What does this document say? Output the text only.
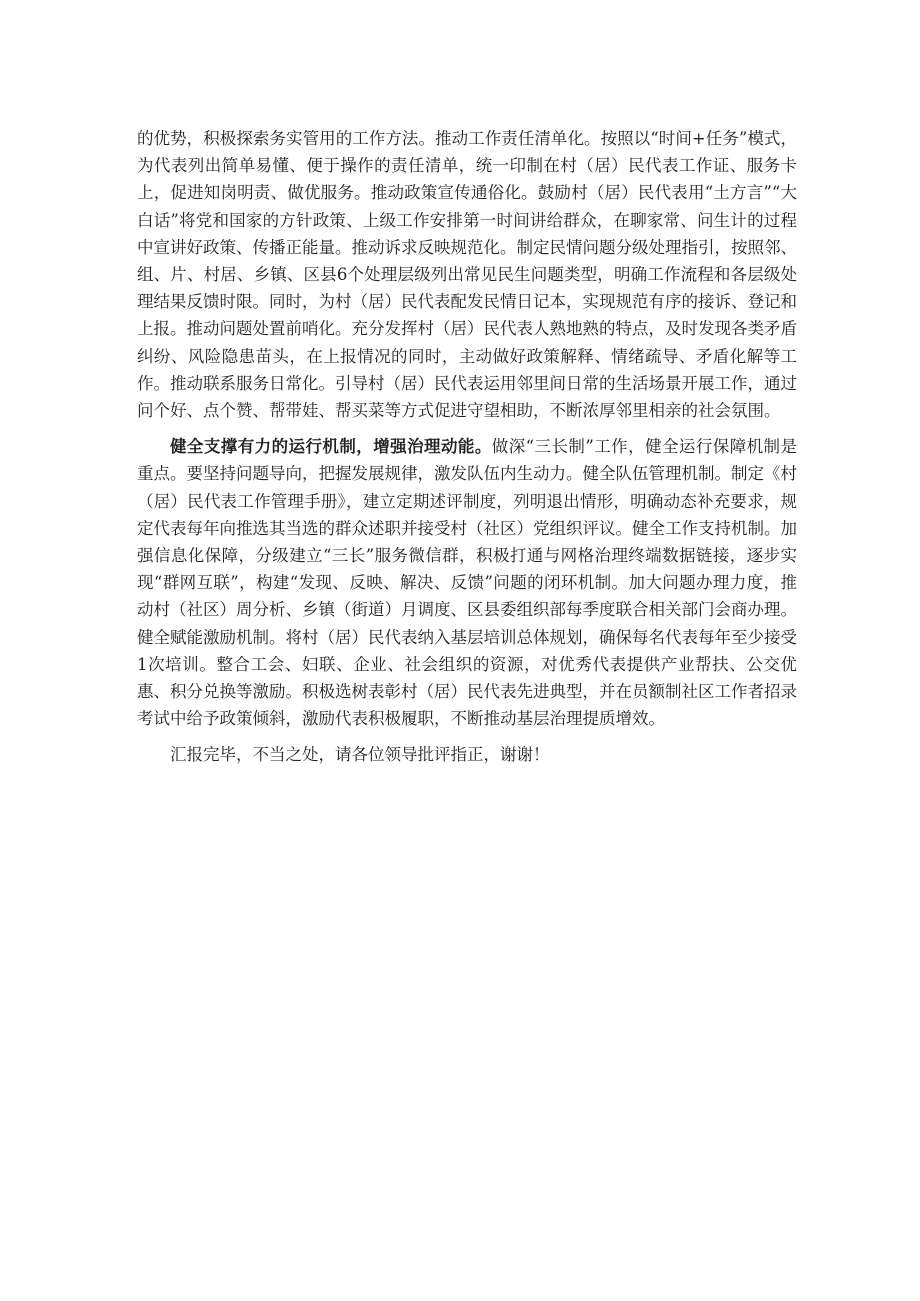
的优势，积极探索务实管用的工作方法。推动工作责任清单化。按照以“时间+任务”模式，为代表列出简单易懂、便于操作的责任清单，统一印制在村（居）民代表工作证、服务卡上，促进知岗明责、做优服务。推动政策宣传通俗化。鼓励村（居）民代表用“土方言”“大白话”将党和国家的方针政策、上级工作安排第一时间讲给群众，在聊家常、问生计的过程中宣讲好政策、传播正能量。推动诉求反映规范化。制定民情问题分级处理指引，按照邻、组、片、村居、乡镇、区县6个处理层级列出常见民生问题类型，明确工作流程和各层级处理结果反馈时限。同时，为村（居）民代表配发民情日记本，实现规范有序的接诉、登记和上报。推动问题处置前哨化。充分发挥村（居）民代表人熟地熟的特点，及时发现各类矛盾纠纷、风险隐患苗头，在上报情况的同时，主动做好政策解释、情绪疏导、矛盾化解等工作。推动联系服务日常化。引导村（居）民代表运用邻里间日常的生活场景开展工作，通过问个好、点个赞、帮带娃、帮买菜等方式促进守望相助，不断浓厚邻里相亲的社会氛围。

健全支撑有力的运行机制，增强治理动能。做深“三长制”工作，健全运行保障机制是重点。要坚持问题导向，把握发展规律，激发队伍内生动力。健全队伍管理机制。制定《村（居）民代表工作管理手册》，建立定期述评制度，列明退出情形，明确动态补充要求，规定代表每年向推选其当选的群众述职并接受村（社区）党组织评议。健全工作支持机制。加强信息化保障，分级建立“三长”服务微信群，积极打通与网格治理终端数据链接，逐步实现“群网互联”，构建“发现、反映、解决、反馈”问题的闭环机制。加大问题办理力度，推动村（社区）周分析、乡镇（街道）月调度、区县委组织部每季度联合相关部门会商办理。健全赋能激励机制。将村（居）民代表纳入基层培训总体规划，确保每名代表每年至少接受1次培训。整合工会、妇联、企业、社会组织的资源，对优秀代表提供产业帮扶、公交优惠、积分兑换等激励。积极选树表彰村（居）民代表先进典型，并在员额制社区工作者招录考试中给予政策倾斜，激励代表积极履职，不断推动基层治理提质增效。

汇报完毕，不当之处，请各位领导批评指正，谢谢！
